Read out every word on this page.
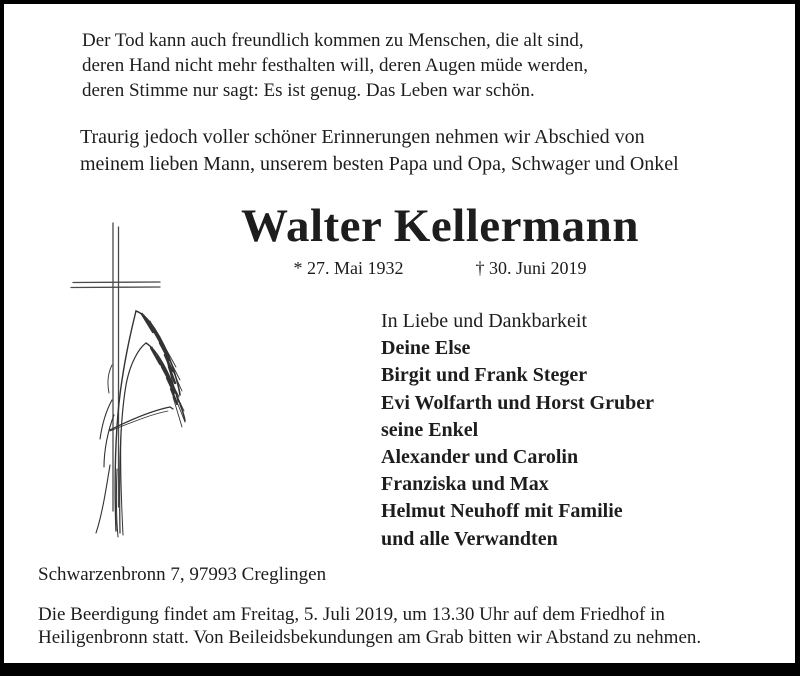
Der Tod kann auch freundlich kommen zu Menschen, die alt sind,
deren Hand nicht mehr festhalten will, deren Augen müde werden,
deren Stimme nur sagt: Es ist genug. Das Leben war schön.
Traurig jedoch voller schöner Erinnerungen nehmen wir Abschied von
meinem lieben Mann, unserem besten Papa und Opa, Schwager und Onkel
Walter Kellermann
* 27. Mai 1932	† 30. Juni 2019
In Liebe und Dankbarkeit
Deine Else
Birgit und Frank Steger
Evi Wolfarth und Horst Gruber
seine Enkel
Alexander und Carolin
Franziska und Max
Helmut Neuhoff mit Familie
und alle Verwandten
Schwarzenbronn 7, 97993 Creglingen
Die Beerdigung findet am Freitag, 5. Juli 2019, um 13.30 Uhr auf dem Friedhof in
Heiligenbronn statt. Von Beileidsbekundungen am Grab bitten wir Abstand zu nehmen.
